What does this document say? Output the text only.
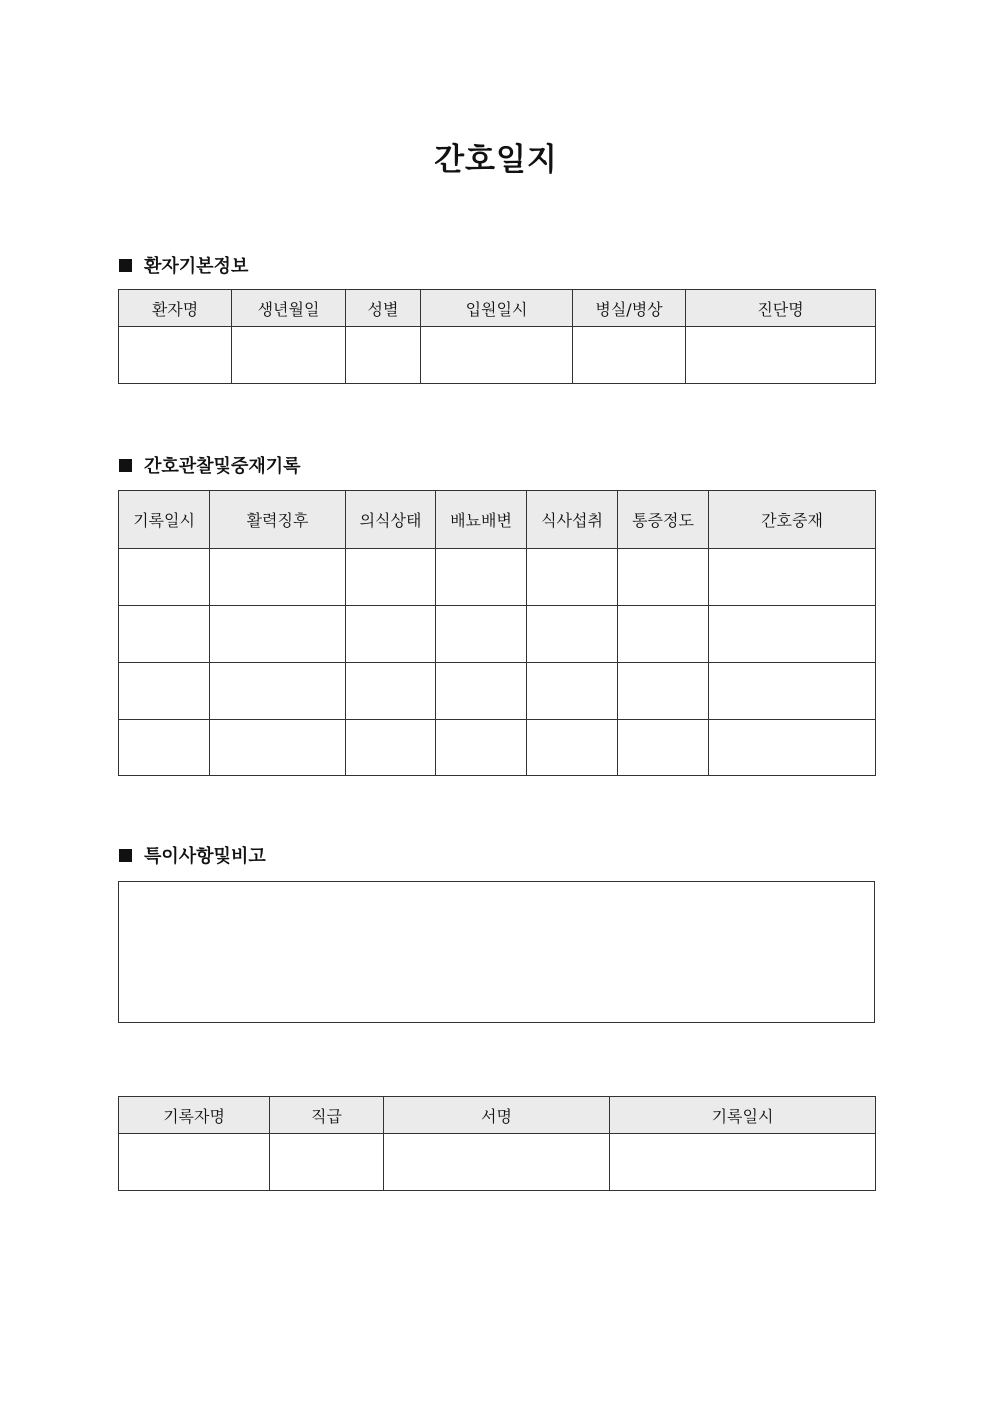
간호일지
환자기본정보
환자명	생년월일	성별	입원일시	병실/병상	진단명

간호관찰및중재기록
기록일시	활력징후	의식상태	배뇨배변	식사섭취	통증정도	간호중재

특이사항및비고
기록자명	직급	서명	기록일시
